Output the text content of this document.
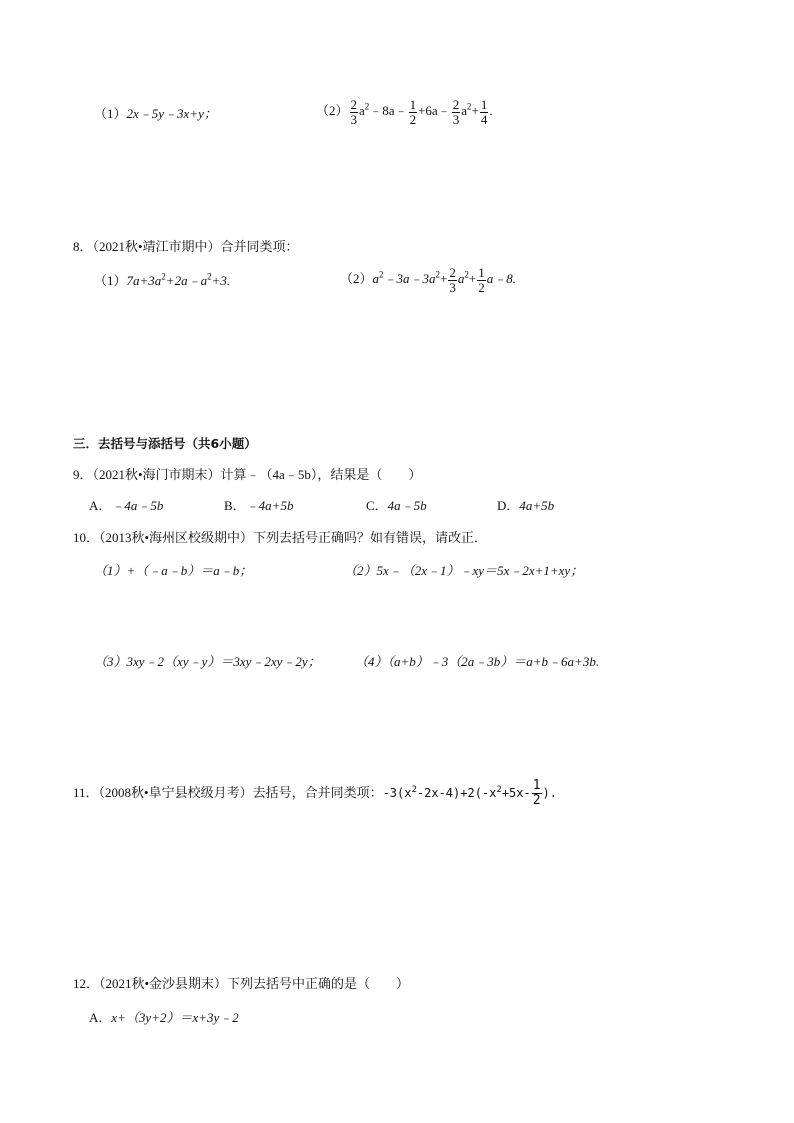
（1）2x﹣5y﹣3x+y；	$(2) \frac{2}{3}$ $a^2﹣8a﹣ \frac{1}{2}$ +6a﹣ $\frac{2}{3} a^2+ \frac{1}{4}$ .
8．（2021秋•靖江市期中）合并同类项：
$(1)7a+3a^2+2a﹣a^2+3$.	$(2)a^2﹣3a﹣3a^2+ \frac{2}{3} a^2+ \frac{1}{2}$ a﹣8.
三．去括号与添括号（共6小题）
9．（2021秋•海门市期末）计算﹣（4a﹣5b），结果是（　　）
A．﹣4a﹣5b	B．﹣4a+5b	C．4a﹣5b	D．4a+5b
10．（2013秋•海州区校级期中）下列去括号正确吗？如有错误，请改正．
（1）+（﹣a﹣b）＝a﹣b；	（2）5x﹣（2x﹣1）﹣xy＝5x﹣2x+1+xy；
（3）3xy﹣2（xy﹣y）＝3xy﹣2xy﹣2y；	（4）（a+b）﹣3（2a﹣3b）＝a+b﹣6a+3b.
11．（2008秋•阜宁县校级月考）去括号，合并同类项：$-3(x^2-2x-4)+2(-x^2+5x- \frac{1}{2}$ ).
12．（2021秋•金沙县期末）下列去括号中正确的是（　　）
A．x+（3y+2）＝x+3y﹣2
